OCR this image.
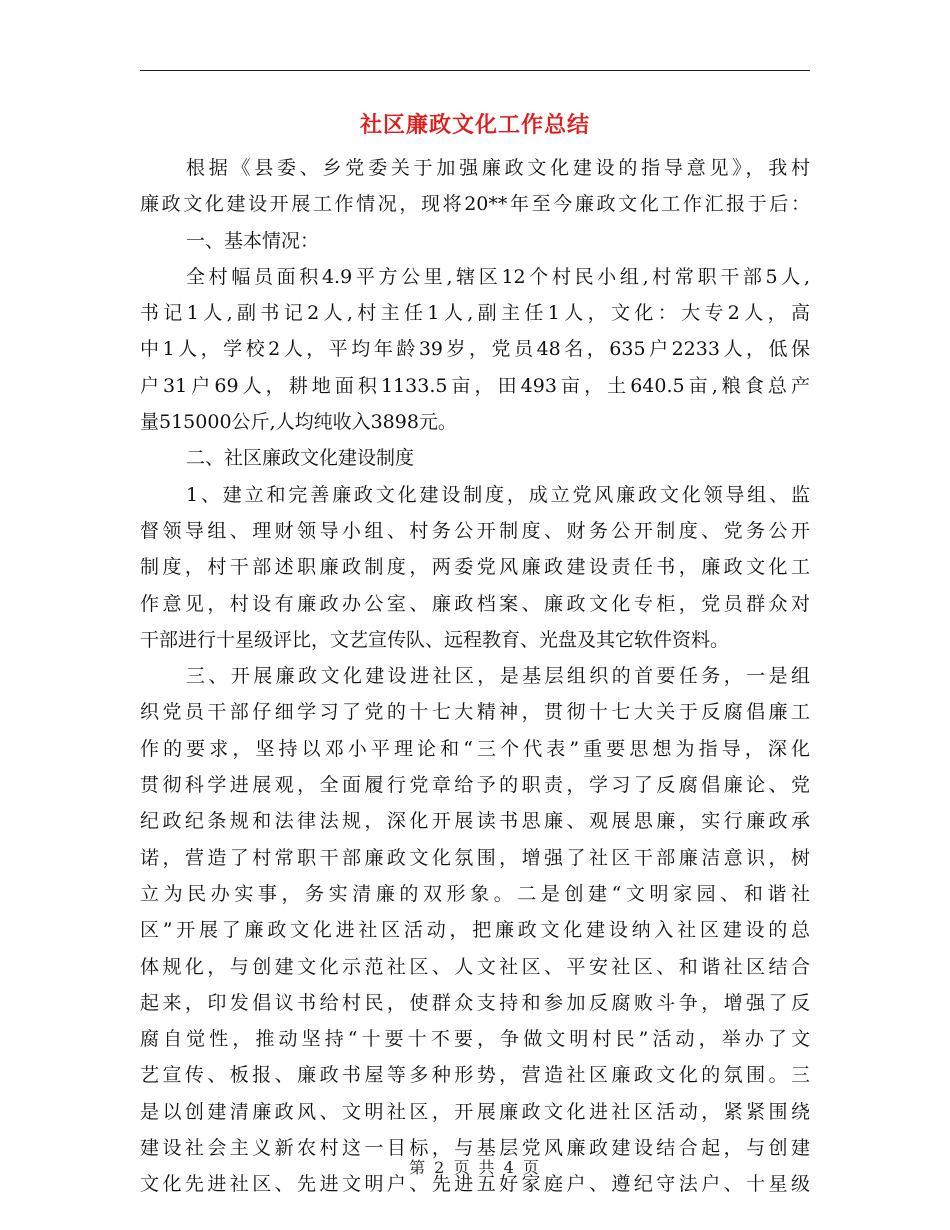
社区廉政文化工作总结
根据《县委、乡党委关于加强廉政文化建设的指导意见》，我村
廉政文化建设开展工作情况，现将20**年至今廉政文化工作汇报于后：
一、基本情况：
全村幅员面积4.9平方公里,辖区12个村民小组,村常职干部5人,
书记1人,副书记2人,村主任1人,副主任1人，文化：大专2人，高
中1人，学校2人，平均年龄39岁，党员48名，635户2233人，低保
户31户69人，耕地面积1133.5亩，田493亩，土640.5亩,粮食总产
量515000公斤,人均纯收入3898元。
二、社区廉政文化建设制度
1、建立和完善廉政文化建设制度，成立党风廉政文化领导组、监
督领导组、理财领导小组、村务公开制度、财务公开制度、党务公开
制度，村干部述职廉政制度，两委党风廉政建设责任书，廉政文化工
作意见，村设有廉政办公室、廉政档案、廉政文化专柜，党员群众对
干部进行十星级评比，文艺宣传队、远程教育、光盘及其它软件资料。
三、开展廉政文化建设进社区，是基层组织的首要任务，一是组
织党员干部仔细学习了党的十七大精神，贯彻十七大关于反腐倡廉工
作的要求，坚持以邓小平理论和“三个代表”重要思想为指导，深化
贯彻科学进展观，全面履行党章给予的职责，学习了反腐倡廉论、党
纪政纪条规和法律法规，深化开展读书思廉、观展思廉，实行廉政承
诺，营造了村常职干部廉政文化氛围，增强了社区干部廉洁意识，树
立为民办实事，务实清廉的双形象。二是创建“文明家园、和谐社
区”开展了廉政文化进社区活动，把廉政文化建设纳入社区建设的总
体规化，与创建文化示范社区、人文社区、平安社区、和谐社区结合
起来，印发倡议书给村民，使群众支持和参加反腐败斗争，增强了反
腐自觉性，推动坚持“十要十不要，争做文明村民”活动，举办了文
艺宣传、板报、廉政书屋等多种形势，营造社区廉政文化的氛围。三
是以创建清廉政风、文明社区，开展廉政文化进社区活动，紧紧围绕
建设社会主义新农村这一目标，与基层党风廉政建设结合起，与创建
文化先进社区、先进文明户、先进五好家庭户、遵纪守法户、十星级
第 2 页 共 4 页
